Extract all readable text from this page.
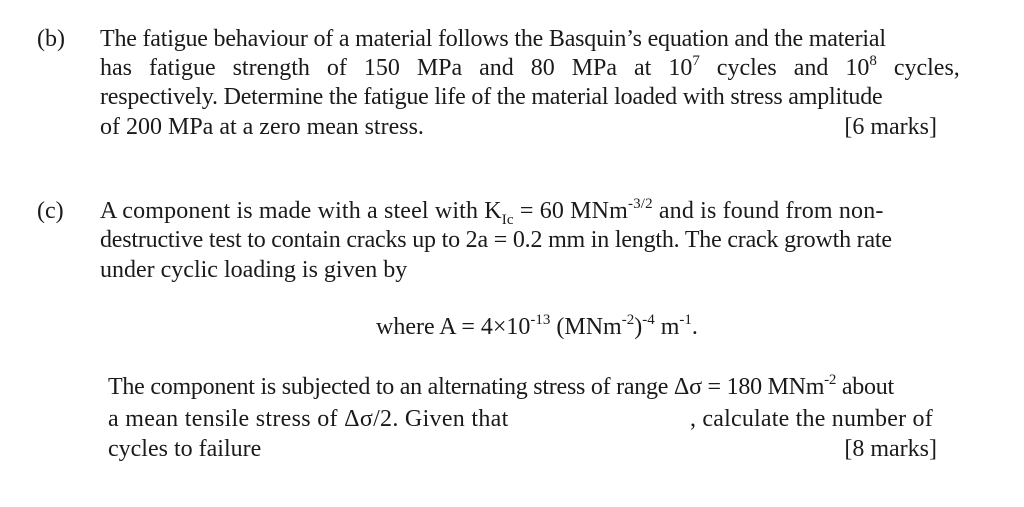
(b) The fatigue behaviour of a material follows the Basquin’s equation and the material
has fatigue strength of 150 MPa and 80 MPa at $10^7$ cycles and $10^8$ cycles,
respectively. Determine the fatigue life of the material loaded with stress amplitude
of 200 MPa at a zero mean stress.	[6 marks]
(c) A component is made with a steel with $K_{Ic} = 60$ MNm$^{-3/2}$ and is found from non-
destructive test to contain cracks up to 2a = 0.2 mm in length. The crack growth rate
under cyclic loading is given by
where $A = 4\times 10^{-13}$ $(MNm^{-2})^{-4}$ $m^{-1}$.
The component is subjected to an alternating stress of range Δσ = 180 MNm$^{-2}$ about
a mean tensile stress of Δσ/2. Given that	, calculate the number of
cycles to failure	[8 marks]
